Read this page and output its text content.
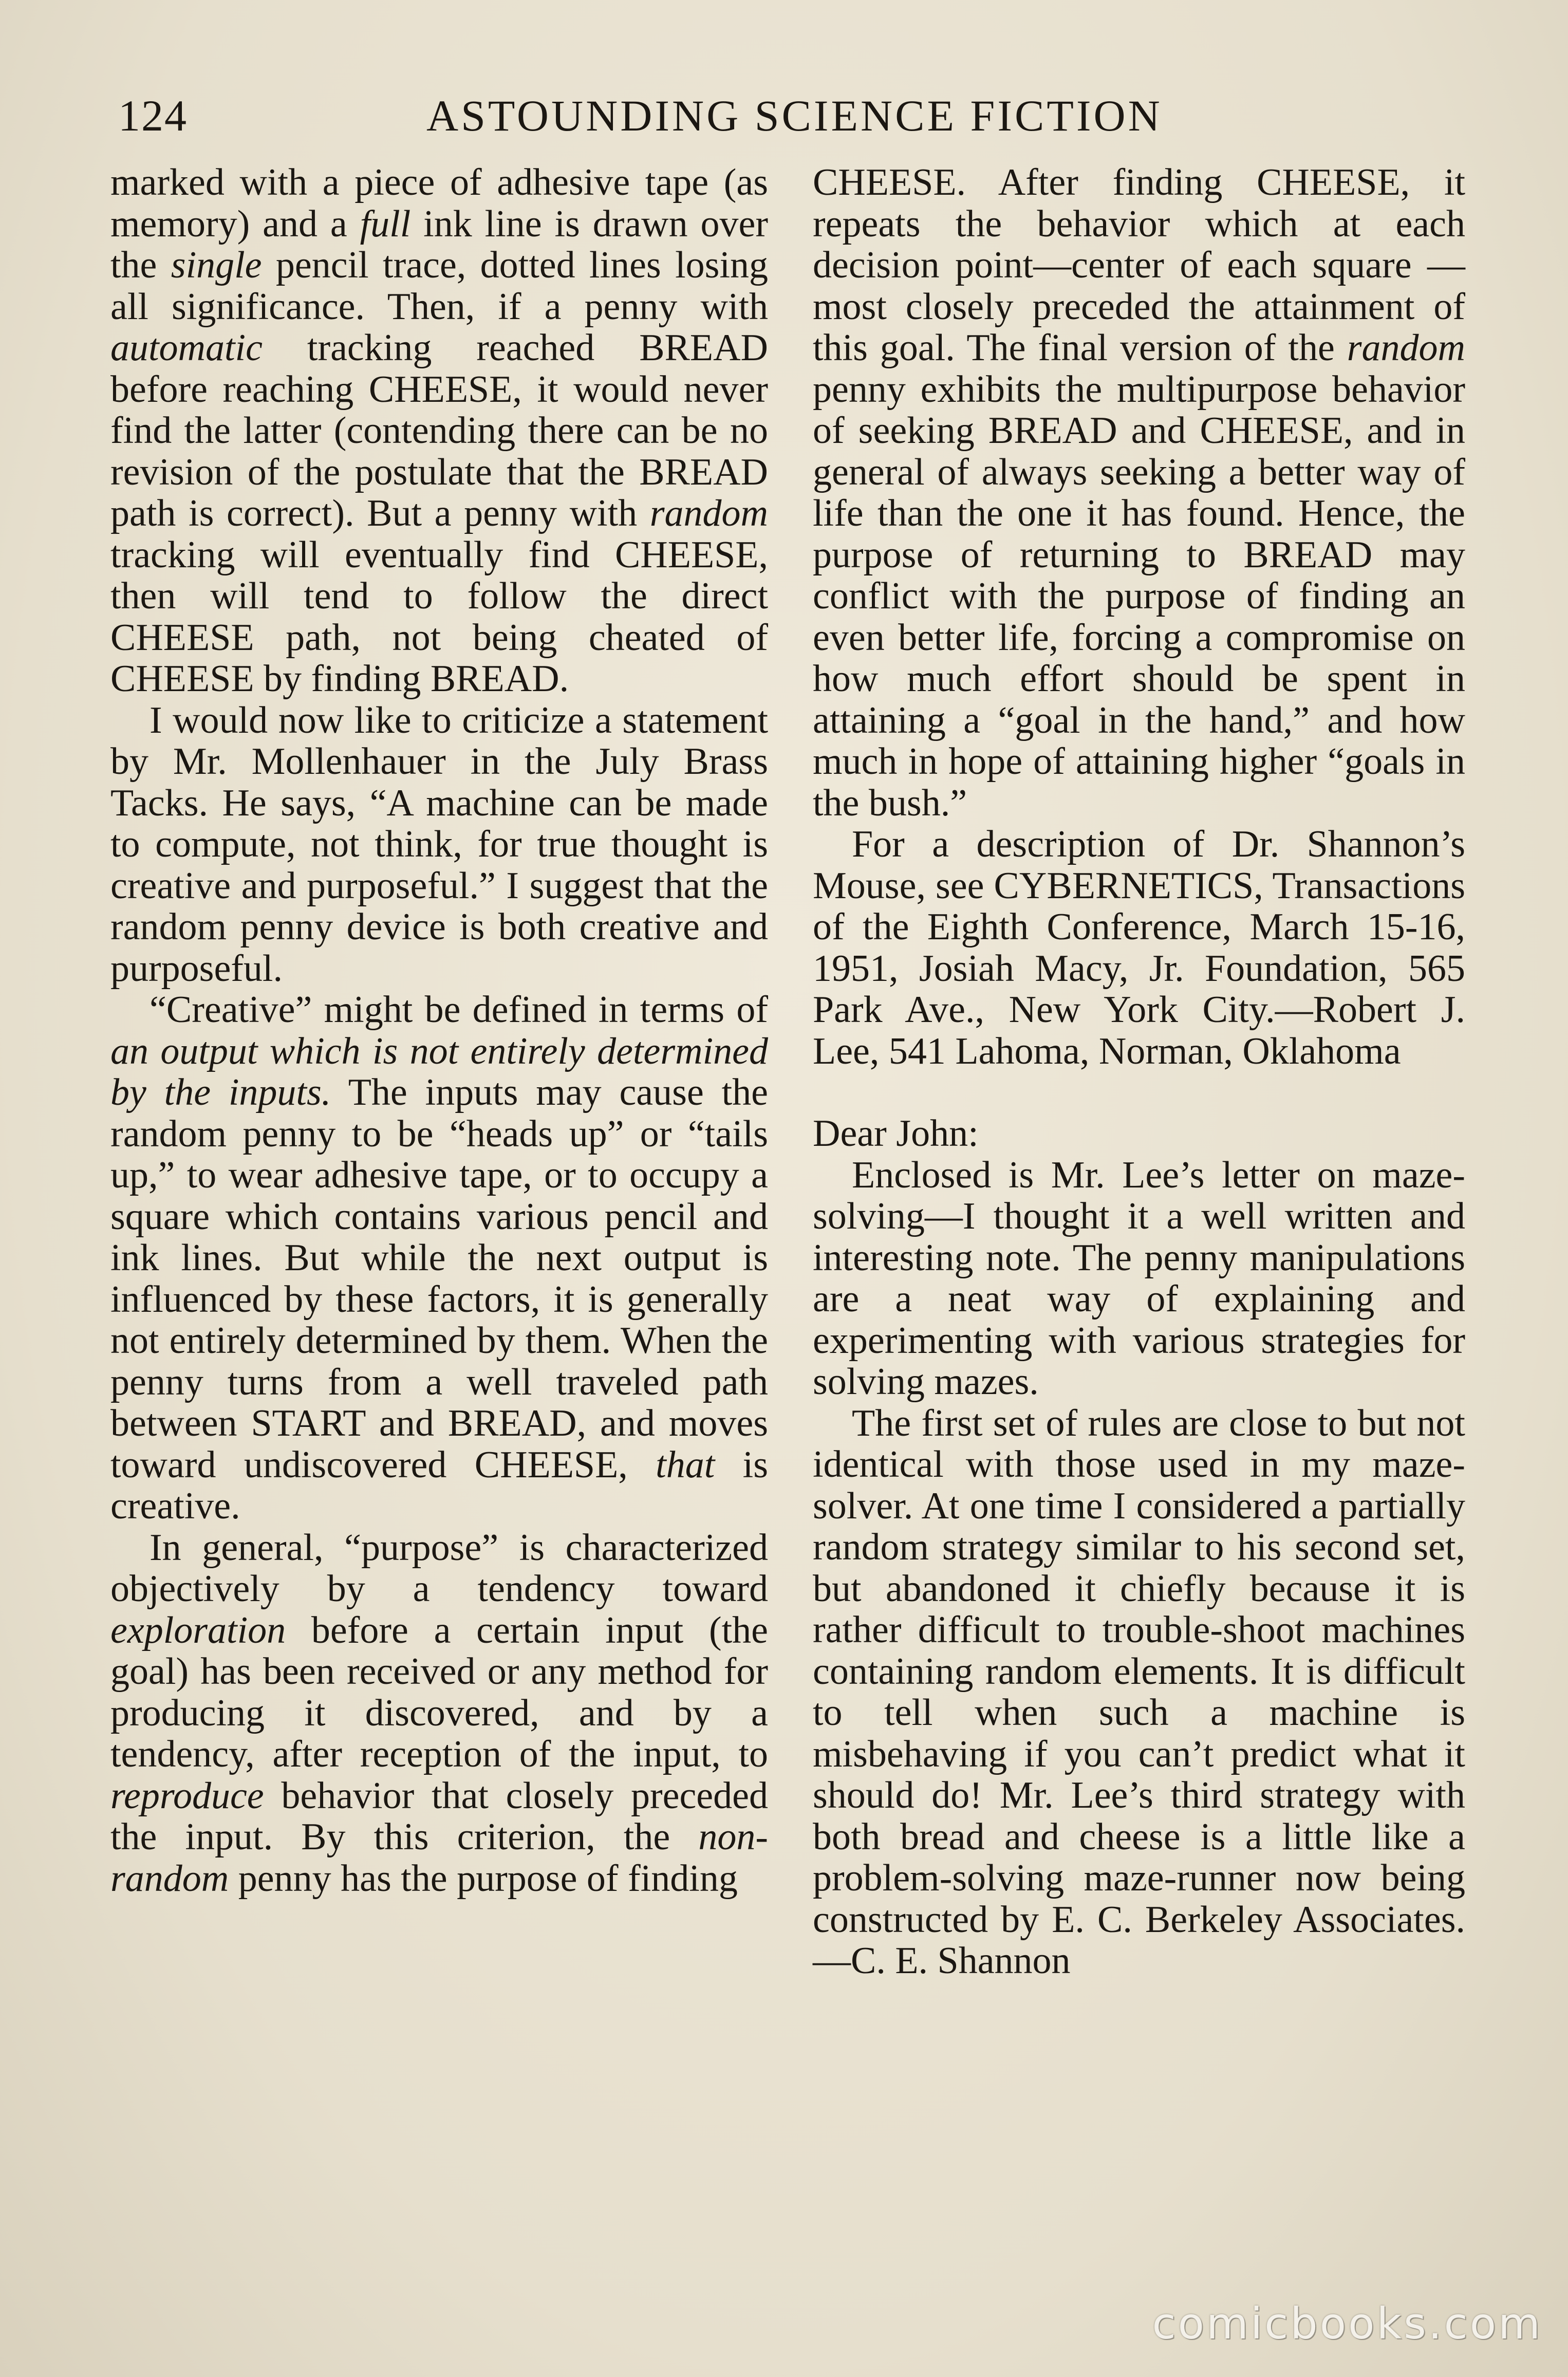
124	ASTOUNDING SCIENCE FICTION

marked with a piece of adhesive tape (as memory) and a full ink line is drawn over the single pencil trace, dotted lines losing all significance. Then, if a penny with automatic tracking reached BREAD before reaching CHEESE, it would never find the latter (contending there can be no revision of the postulate that the BREAD path is correct). But a penny with random tracking will eventually find CHEESE, then will tend to follow the direct CHEESE path, not being cheated of CHEESE by finding BREAD.

I would now like to criticize a statement by Mr. Mollenhauer in the July Brass Tacks. He says, “A machine can be made to compute, not think, for true thought is creative and purposeful.” I suggest that the random penny device is both creative and purposeful.

“Creative” might be defined in terms of an output which is not entirely determined by the inputs. The inputs may cause the random penny to be “heads up” or “tails up,” to wear adhesive tape, or to occupy a square which contains various pencil and ink lines. But while the next output is influenced by these factors, it is generally not entirely determined by them. When the penny turns from a well traveled path between START and BREAD, and moves toward undiscovered CHEESE, that is creative.

In general, “purpose” is characterized objectively by a tendency toward exploration before a certain input (the goal) has been received or any method for producing it discovered, and by a tendency, after reception of the input, to reproduce behavior that closely preceded the input. By this criterion, the non-random penny has the purpose of finding

CHEESE. After finding CHEESE, it repeats the behavior which at each decision point—center of each square —most closely preceded the attainment of this goal. The final version of the random penny exhibits the multipurpose behavior of seeking BREAD and CHEESE, and in general of always seeking a better way of life than the one it has found. Hence, the purpose of returning to BREAD may conflict with the purpose of finding an even better life, forcing a compromise on how much effort should be spent in attaining a “goal in the hand,” and how much in hope of attaining higher “goals in the bush.”

For a description of Dr. Shannon’s Mouse, see CYBERNETICS, Transactions of the Eighth Conference, March 15-16, 1951, Josiah Macy, Jr. Foundation, 565 Park Ave., New York City.—Robert J. Lee, 541 Lahoma, Norman, Oklahoma

Dear John:

Enclosed is Mr. Lee’s letter on maze-solving—I thought it a well written and interesting note. The penny manipulations are a neat way of explaining and experimenting with various strategies for solving mazes.

The first set of rules are close to but not identical with those used in my maze-solver. At one time I considered a partially random strategy similar to his second set, but abandoned it chiefly because it is rather difficult to trouble-shoot machines containing random elements. It is difficult to tell when such a machine is misbehaving if you can’t predict what it should do! Mr. Lee’s third strategy with both bread and cheese is a little like a problem-solving maze-runner now being constructed by E. C. Berkeley Associates.—C. E. Shannon

comicbooks.com
